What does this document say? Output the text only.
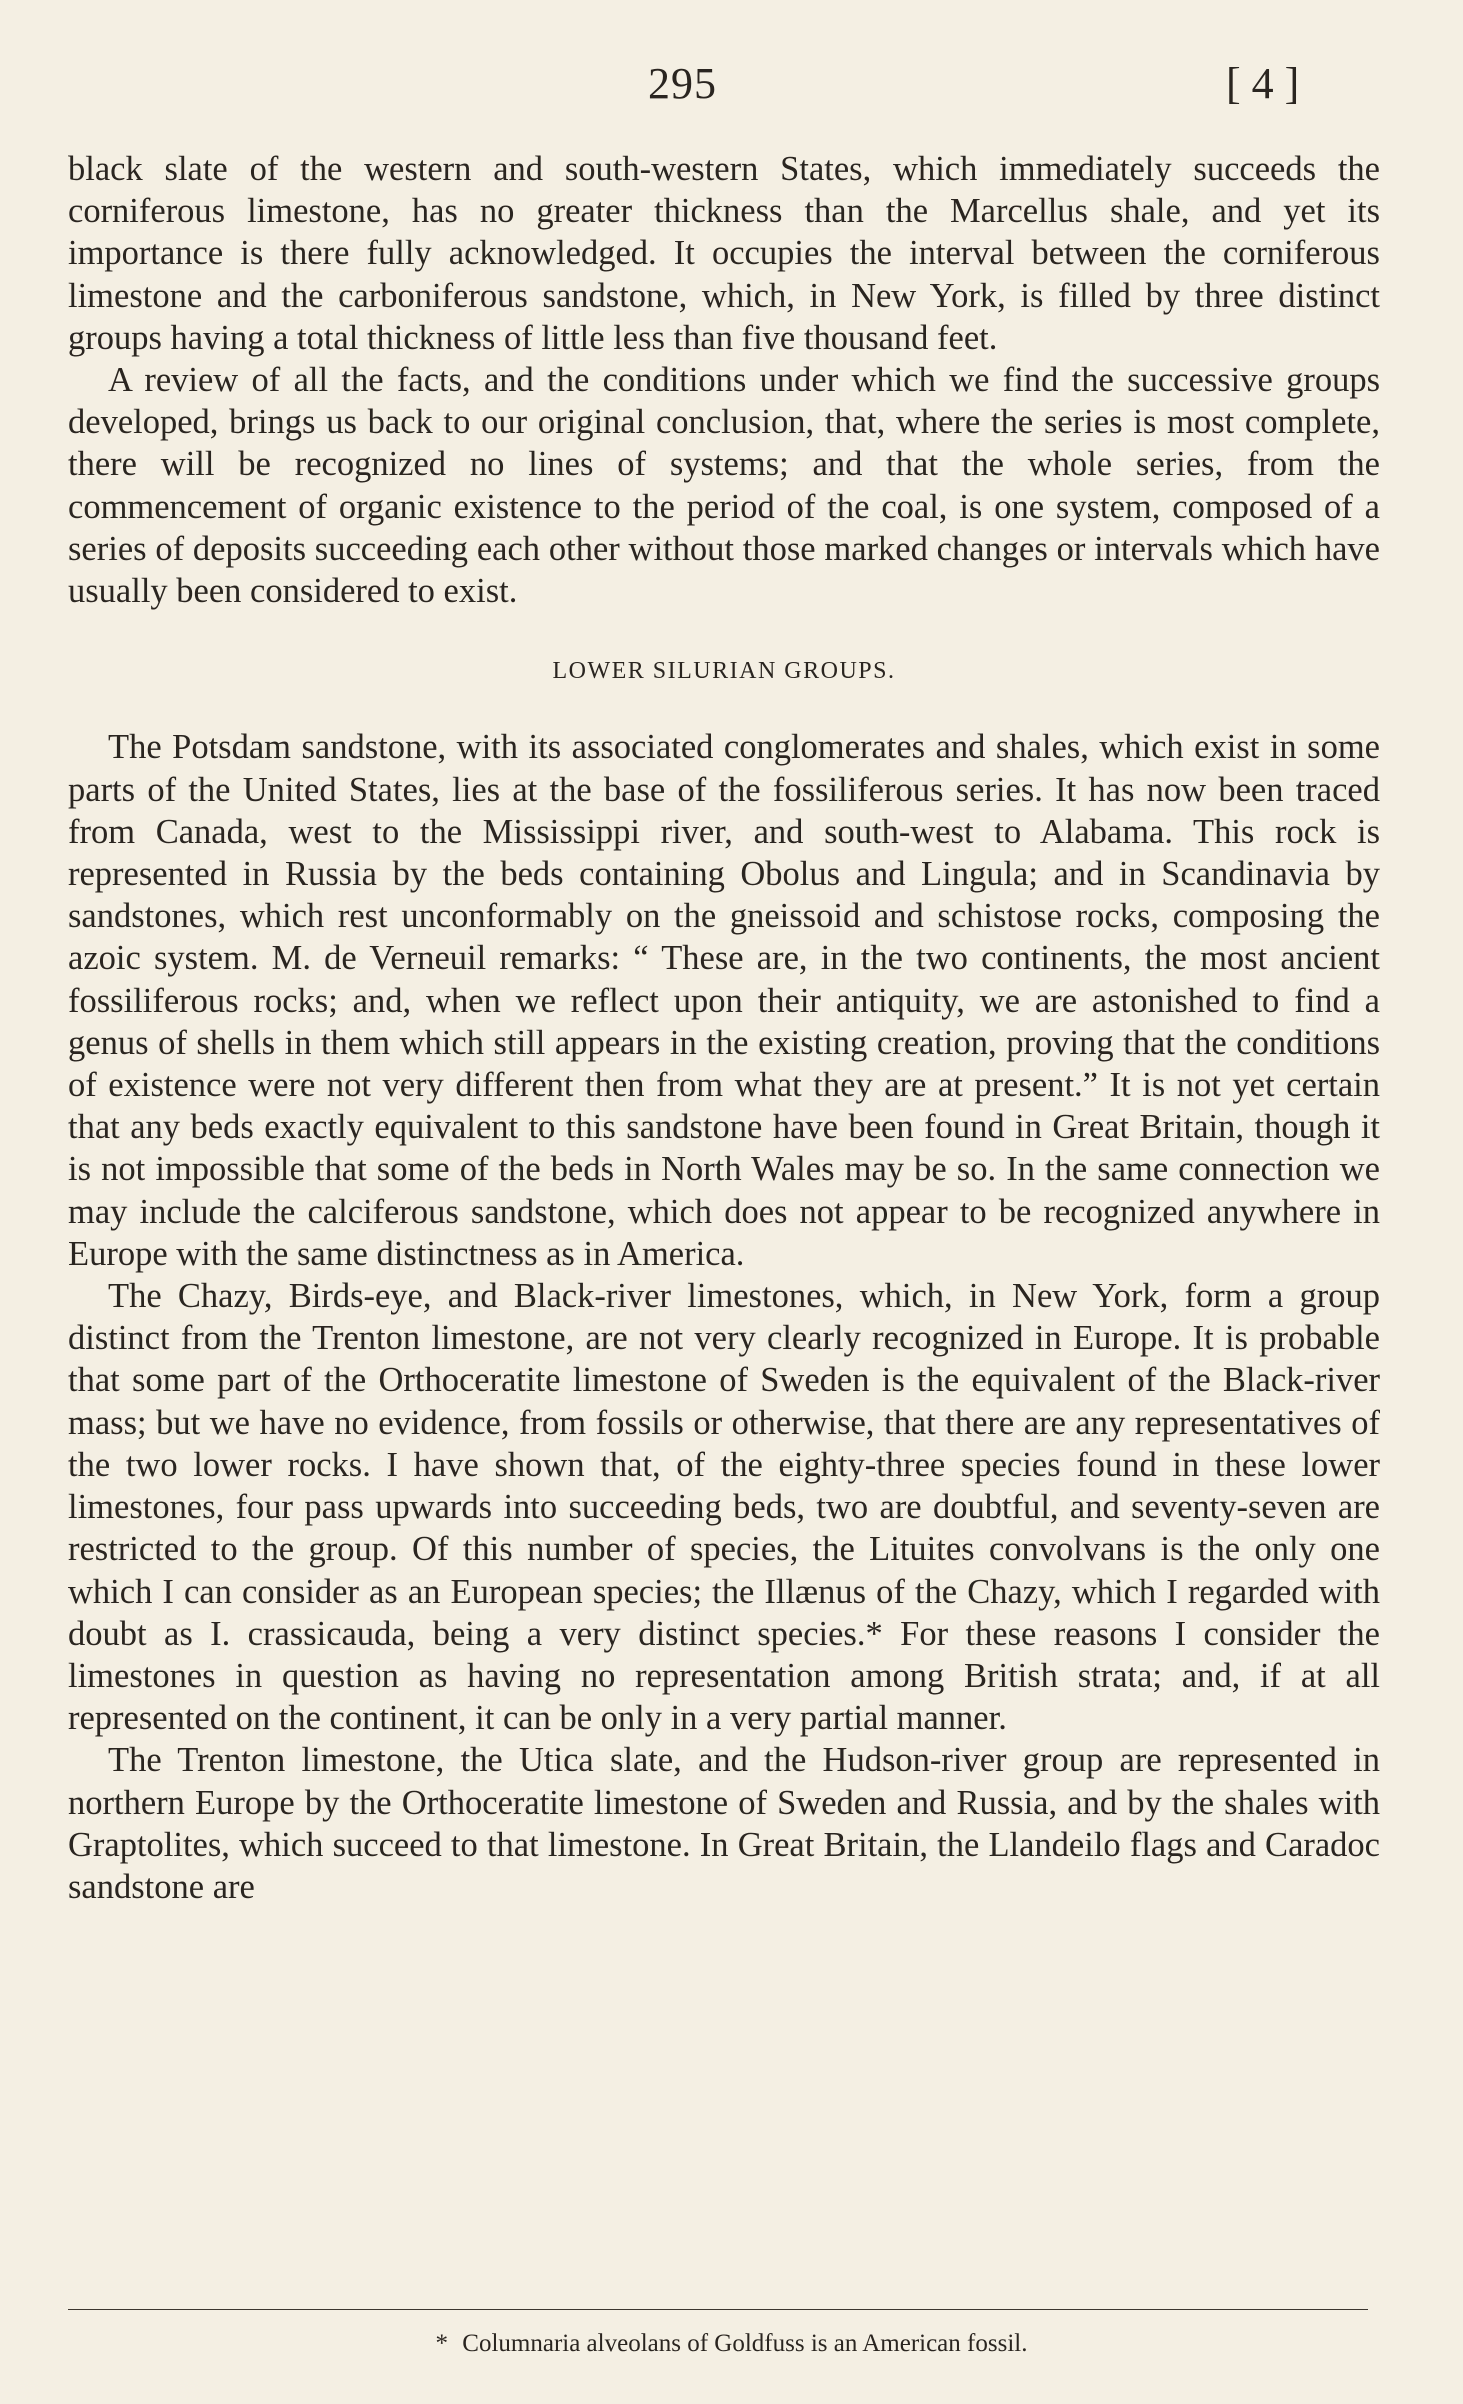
295	[ 4 ]

black slate of the western and south-western States, which immediately succeeds the corniferous limestone, has no greater thickness than the Marcellus shale, and yet its importance is there fully acknowledged. It occupies the interval between the corniferous limestone and the carboniferous sandstone, which, in New York, is filled by three distinct groups having a total thickness of little less than five thousand feet.

A review of all the facts, and the conditions under which we find the successive groups developed, brings us back to our original conclusion, that, where the series is most complete, there will be recognized no lines of systems; and that the whole series, from the commencement of organic existence to the period of the coal, is one system, composed of a series of deposits succeeding each other without those marked changes or intervals which have usually been considered to exist.

LOWER SILURIAN GROUPS.

The Potsdam sandstone, with its associated conglomerates and shales, which exist in some parts of the United States, lies at the base of the fossiliferous series. It has now been traced from Canada, west to the Mississippi river, and south-west to Alabama. This rock is represented in Russia by the beds containing Obolus and Lingula; and in Scandinavia by sandstones, which rest unconformably on the gneissoid and schistose rocks, composing the azoic system. M. de Verneuil remarks: “ These are, in the two continents, the most ancient fossiliferous rocks; and, when we reflect upon their antiquity, we are astonished to find a genus of shells in them which still appears in the existing creation, proving that the conditions of existence were not very different then from what they are at present.” It is not yet certain that any beds exactly equivalent to this sandstone have been found in Great Britain, though it is not impossible that some of the beds in North Wales may be so. In the same connection we may include the calciferous sandstone, which does not appear to be recognized anywhere in Europe with the same distinctness as in America.

The Chazy, Birds-eye, and Black-river limestones, which, in New York, form a group distinct from the Trenton limestone, are not very clearly recognized in Europe. It is probable that some part of the Orthoceratite limestone of Sweden is the equivalent of the Black-river mass; but we have no evidence, from fossils or otherwise, that there are any representatives of the two lower rocks. I have shown that, of the eighty-three species found in these lower limestones, four pass upwards into succeeding beds, two are doubtful, and seventy-seven are restricted to the group. Of this number of species, the Lituites convolvans is the only one which I can consider as an European species; the Illænus of the Chazy, which I regarded with doubt as I. crassicauda, being a very distinct species.* For these reasons I consider the limestones in question as having no representation among British strata; and, if at all represented on the continent, it can be only in a very partial manner.

The Trenton limestone, the Utica slate, and the Hudson-river group are represented in northern Europe by the Orthoceratite limestone of Sweden and Russia, and by the shales with Graptolites, which succeed to that limestone. In Great Britain, the Llandeilo flags and Caradoc sandstone are

* Columnaria alveolans of Goldfuss is an American fossil.
